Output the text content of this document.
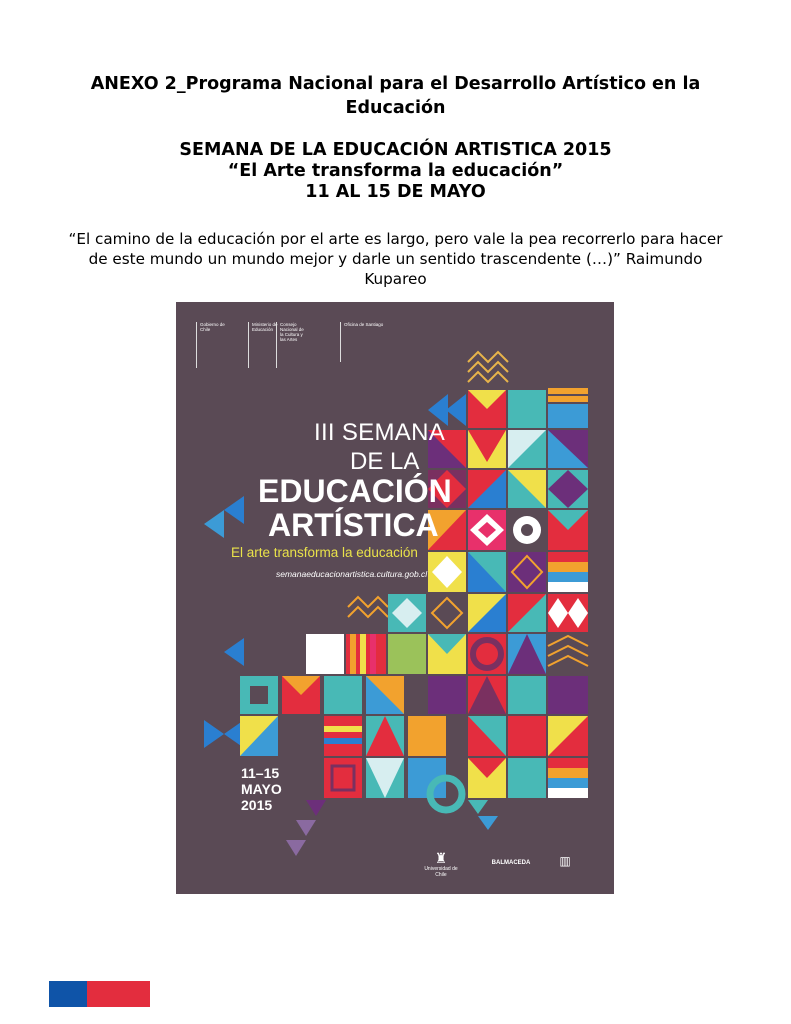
ANEXO 2_Programa Nacional para el Desarrollo Artístico en la
Educación
SEMANA DE LA EDUCACIÓN ARTISTICA 2015
“El Arte transforma la educación”
11 AL 15 DE MAYO
“El camino de la educación por el arte es largo, pero vale la pea recorrerlo para hacer
de este mundo un mundo mejor y darle un sentido trascendente (…)” Raimundo
Kupareo
Gobierno de Chile
Ministerio de Educación
Consejo Nacional de la Cultura y las Artes
Oficina de Santiago
III SEMANA
DE LA
EDUCACIÓN
ARTÍSTICA
El arte transforma la educación
semanaeducacionartistica.cultura.gob.cl
11–15
MAYO
2015
♜
Universidad de Chile
BALMACEDA	▥
